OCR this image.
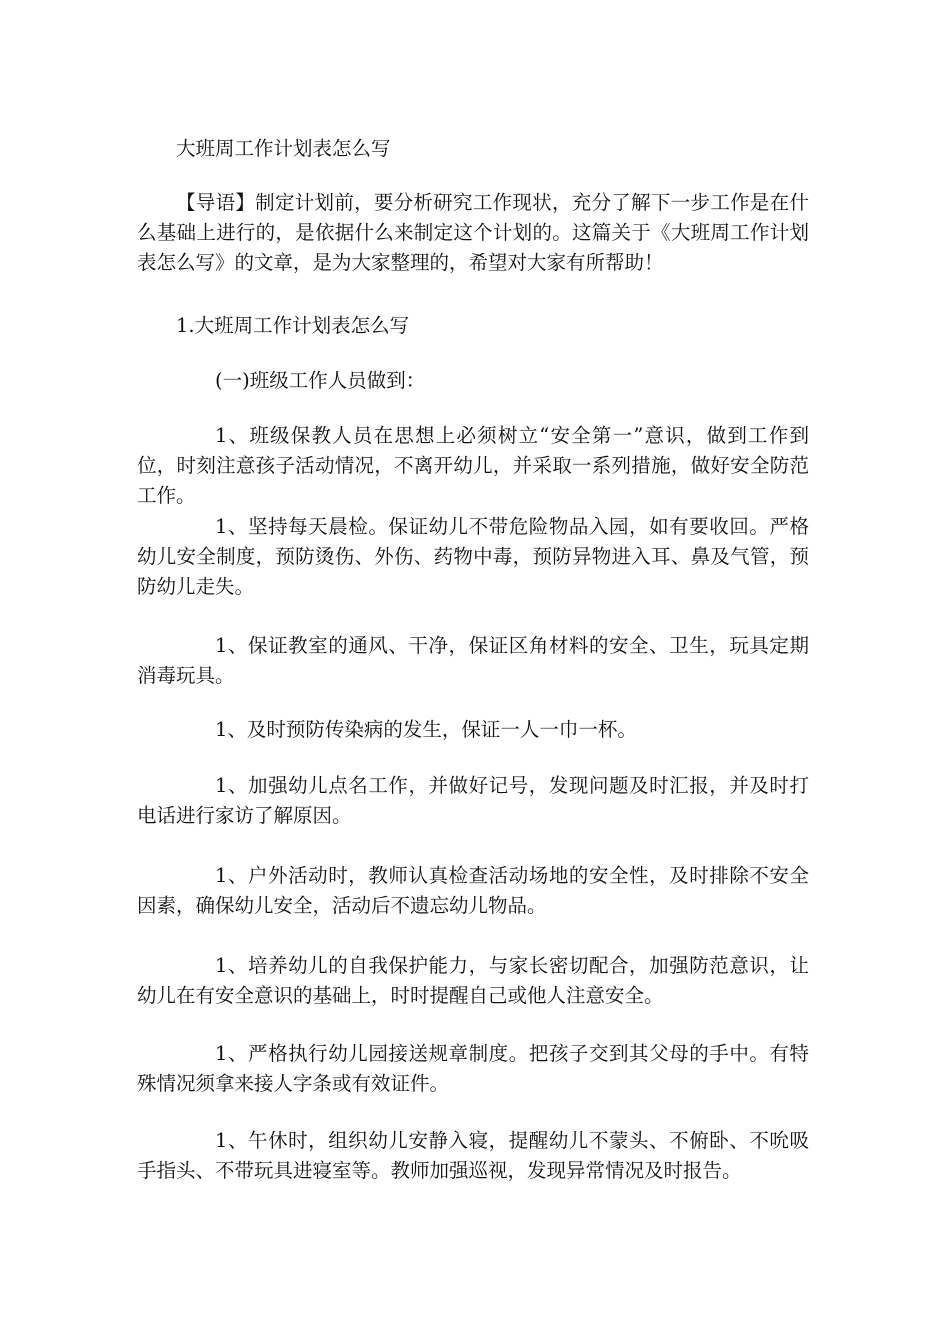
大班周工作计划表怎么写
【导语】制定计划前，要分析研究工作现状，充分了解下一步工作是在什么基础上进行的，是依据什么来制定这个计划的。这篇关于《大班周工作计划表怎么写》的文章，是为大家整理的，希望对大家有所帮助！
1.大班周工作计划表怎么写
(一)班级工作人员做到：
1、班级保教人员在思想上必须树立“安全第一”意识，做到工作到位，时刻注意孩子活动情况，不离开幼儿，并采取一系列措施，做好安全防范工作。
1、坚持每天晨检。保证幼儿不带危险物品入园，如有要收回。严格幼儿安全制度，预防烫伤、外伤、药物中毒，预防异物进入耳、鼻及气管，预防幼儿走失。
1、保证教室的通风、干净，保证区角材料的安全、卫生，玩具定期消毒玩具。
1、及时预防传染病的发生，保证一人一巾一杯。
1、加强幼儿点名工作，并做好记号，发现问题及时汇报，并及时打电话进行家访了解原因。
1、户外活动时，教师认真检查活动场地的安全性，及时排除不安全因素，确保幼儿安全，活动后不遗忘幼儿物品。
1、培养幼儿的自我保护能力，与家长密切配合，加强防范意识，让幼儿在有安全意识的基础上，时时提醒自己或他人注意安全。
1、严格执行幼儿园接送规章制度。把孩子交到其父母的手中。有特殊情况须拿来接人字条或有效证件。
1、午休时，组织幼儿安静入寝，提醒幼儿不蒙头、不俯卧、不吮吸手指头、不带玩具进寝室等。教师加强巡视，发现异常情况及时报告。
